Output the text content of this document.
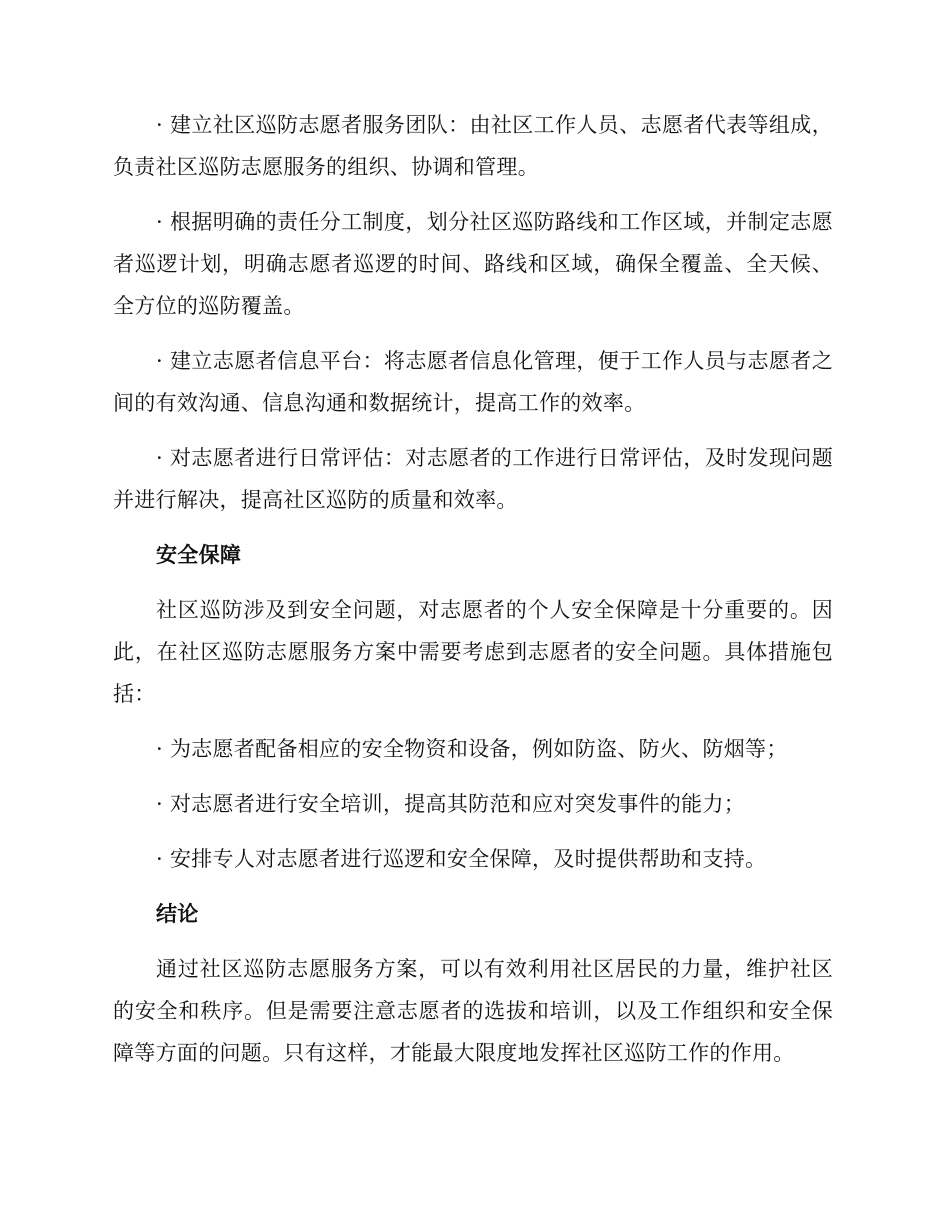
· 建立社区巡防志愿者服务团队：由社区工作人员、志愿者代表等组成，负责社区巡防志愿服务的组织、协调和管理。

· 根据明确的责任分工制度，划分社区巡防路线和工作区域，并制定志愿者巡逻计划，明确志愿者巡逻的时间、路线和区域，确保全覆盖、全天候、全方位的巡防覆盖。

· 建立志愿者信息平台：将志愿者信息化管理，便于工作人员与志愿者之间的有效沟通、信息沟通和数据统计，提高工作的效率。

· 对志愿者进行日常评估：对志愿者的工作进行日常评估，及时发现问题并进行解决，提高社区巡防的质量和效率。

安全保障

社区巡防涉及到安全问题，对志愿者的个人安全保障是十分重要的。因此，在社区巡防志愿服务方案中需要考虑到志愿者的安全问题。具体措施包括：

· 为志愿者配备相应的安全物资和设备，例如防盗、防火、防烟等；

· 对志愿者进行安全培训，提高其防范和应对突发事件的能力；

· 安排专人对志愿者进行巡逻和安全保障，及时提供帮助和支持。

结论

通过社区巡防志愿服务方案，可以有效利用社区居民的力量，维护社区的安全和秩序。但是需要注意志愿者的选拔和培训，以及工作组织和安全保障等方面的问题。只有这样，才能最大限度地发挥社区巡防工作的作用。
